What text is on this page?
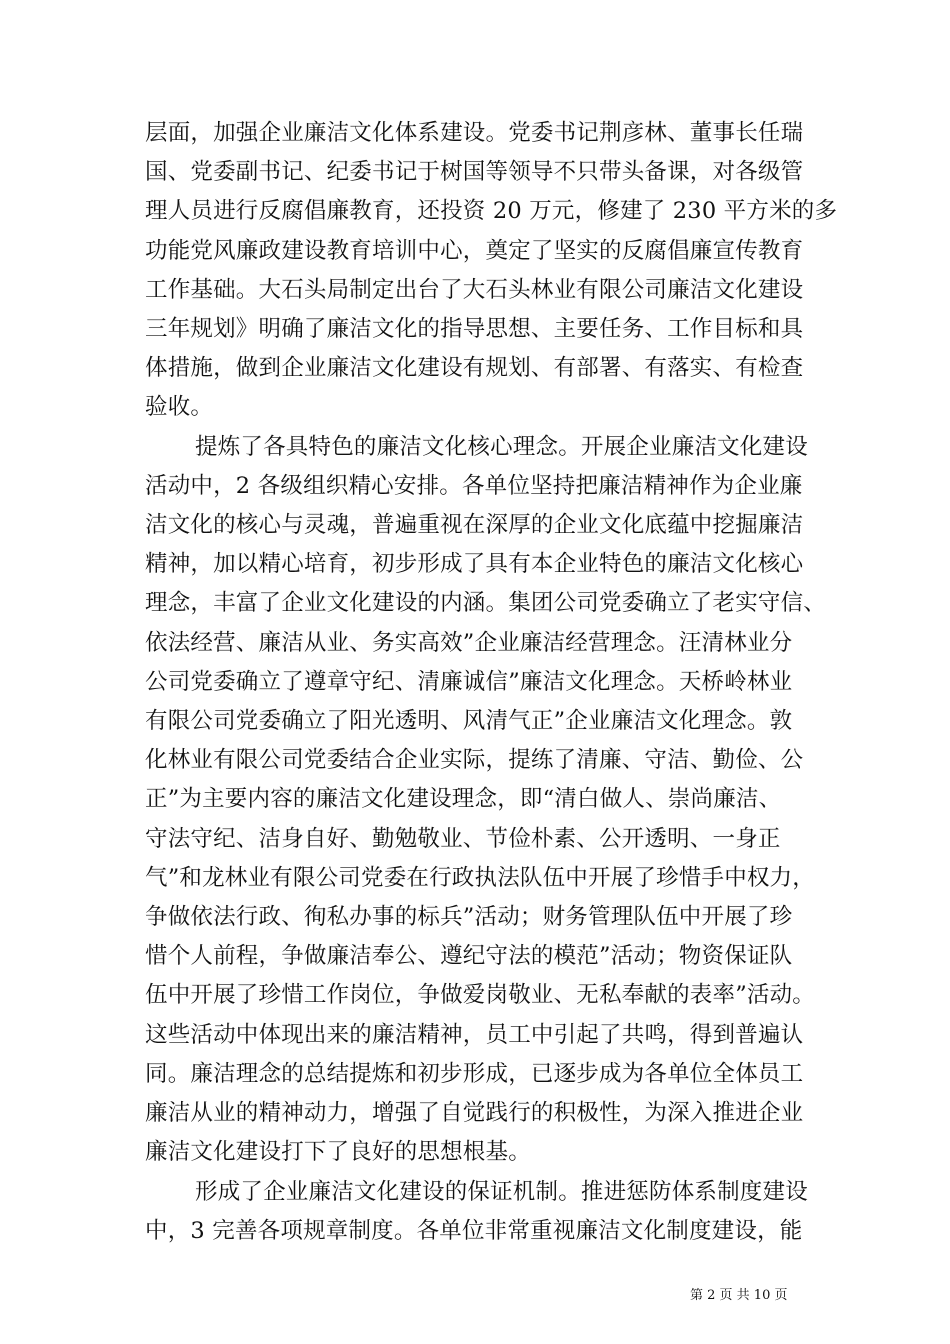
层面，加强企业廉洁文化体系建设。党委书记荆彦林、董事长任瑞
国、党委副书记、纪委书记于树国等领导不只带头备课，对各级管
理人员进行反腐倡廉教育，还投资 20 万元，修建了 230 平方米的多
功能党风廉政建设教育培训中心，奠定了坚实的反腐倡廉宣传教育
工作基础。大石头局制定出台了大石头林业有限公司廉洁文化建设
三年规划》明确了廉洁文化的指导思想、主要任务、工作目标和具
体措施，做到企业廉洁文化建设有规划、有部署、有落实、有检查
验收。
提炼了各具特色的廉洁文化核心理念。开展企业廉洁文化建设
活动中，2 各级组织精心安排。各单位坚持把廉洁精神作为企业廉
洁文化的核心与灵魂，普遍重视在深厚的企业文化底蕴中挖掘廉洁
精神，加以精心培育，初步形成了具有本企业特色的廉洁文化核心
理念，丰富了企业文化建设的内涵。集团公司党委确立了老实守信、
依法经营、廉洁从业、务实高效”企业廉洁经营理念。汪清林业分
公司党委确立了遵章守纪、清廉诚信”廉洁文化理念。天桥岭林业
有限公司党委确立了阳光透明、风清气正”企业廉洁文化理念。敦
化林业有限公司党委结合企业实际，提练了清廉、守洁、勤俭、公
正”为主要内容的廉洁文化建设理念，即“清白做人、崇尚廉洁、
守法守纪、洁身自好、勤勉敬业、节俭朴素、公开透明、一身正
气”和龙林业有限公司党委在行政执法队伍中开展了珍惜手中权力，
争做依法行政、徇私办事的标兵”活动；财务管理队伍中开展了珍
惜个人前程，争做廉洁奉公、遵纪守法的模范”活动；物资保证队
伍中开展了珍惜工作岗位，争做爱岗敬业、无私奉献的表率”活动。
这些活动中体现出来的廉洁精神，员工中引起了共鸣，得到普遍认
同。廉洁理念的总结提炼和初步形成，已逐步成为各单位全体员工
廉洁从业的精神动力，增强了自觉践行的积极性，为深入推进企业
廉洁文化建设打下了良好的思想根基。
形成了企业廉洁文化建设的保证机制。推进惩防体系制度建设
中，3 完善各项规章制度。各单位非常重视廉洁文化制度建设，能
第 2 页 共 10 页
